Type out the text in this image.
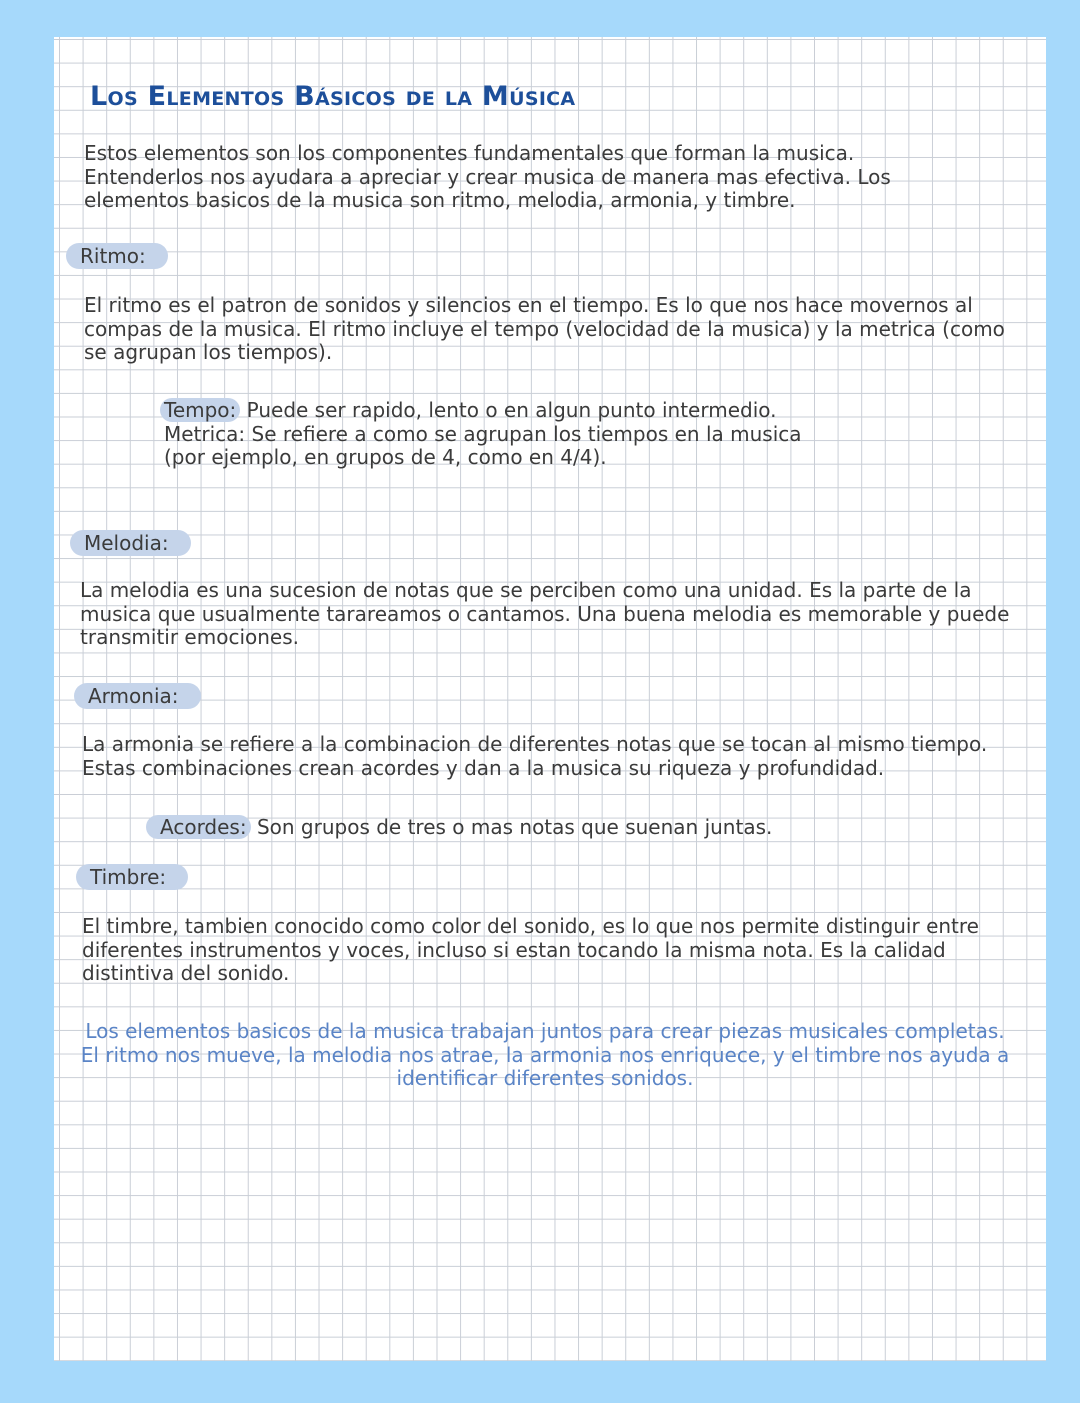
Los Elementos Básicos de la Música
Estos elementos son los componentes fundamentales que forman la musica. Entenderlos nos ayudara a apreciar y crear musica de manera mas efectiva. Los elementos basicos de la musica son ritmo, melodia, armonia, y timbre.
Ritmo:
El ritmo es el patron de sonidos y silencios en el tiempo. Es lo que nos hace movernos al compas de la musica. El ritmo incluye el tempo (velocidad de la musica) y la metrica (como se agrupan los tiempos).
Tempo: Puede ser rapido, lento o en algun punto intermedio.
Metrica: Se refiere a como se agrupan los tiempos en la musica (por ejemplo, en grupos de 4, como en 4/4).
Melodia:
La melodia es una sucesion de notas que se perciben como una unidad. Es la parte de la musica que usualmente tarareamos o cantamos. Una buena melodia es memorable y puede transmitir emociones.
Armonia:
La armonia se refiere a la combinacion de diferentes notas que se tocan al mismo tiempo. Estas combinaciones crean acordes y dan a la musica su riqueza y profundidad.
Acordes: Son grupos de tres o mas notas que suenan juntas.
Timbre:
El timbre, tambien conocido como color del sonido, es lo que nos permite distinguir entre diferentes instrumentos y voces, incluso si estan tocando la misma nota. Es la calidad distintiva del sonido.
Los elementos basicos de la musica trabajan juntos para crear piezas musicales completas. El ritmo nos mueve, la melodia nos atrae, la armonia nos enriquece, y el timbre nos ayuda a identificar diferentes sonidos.
